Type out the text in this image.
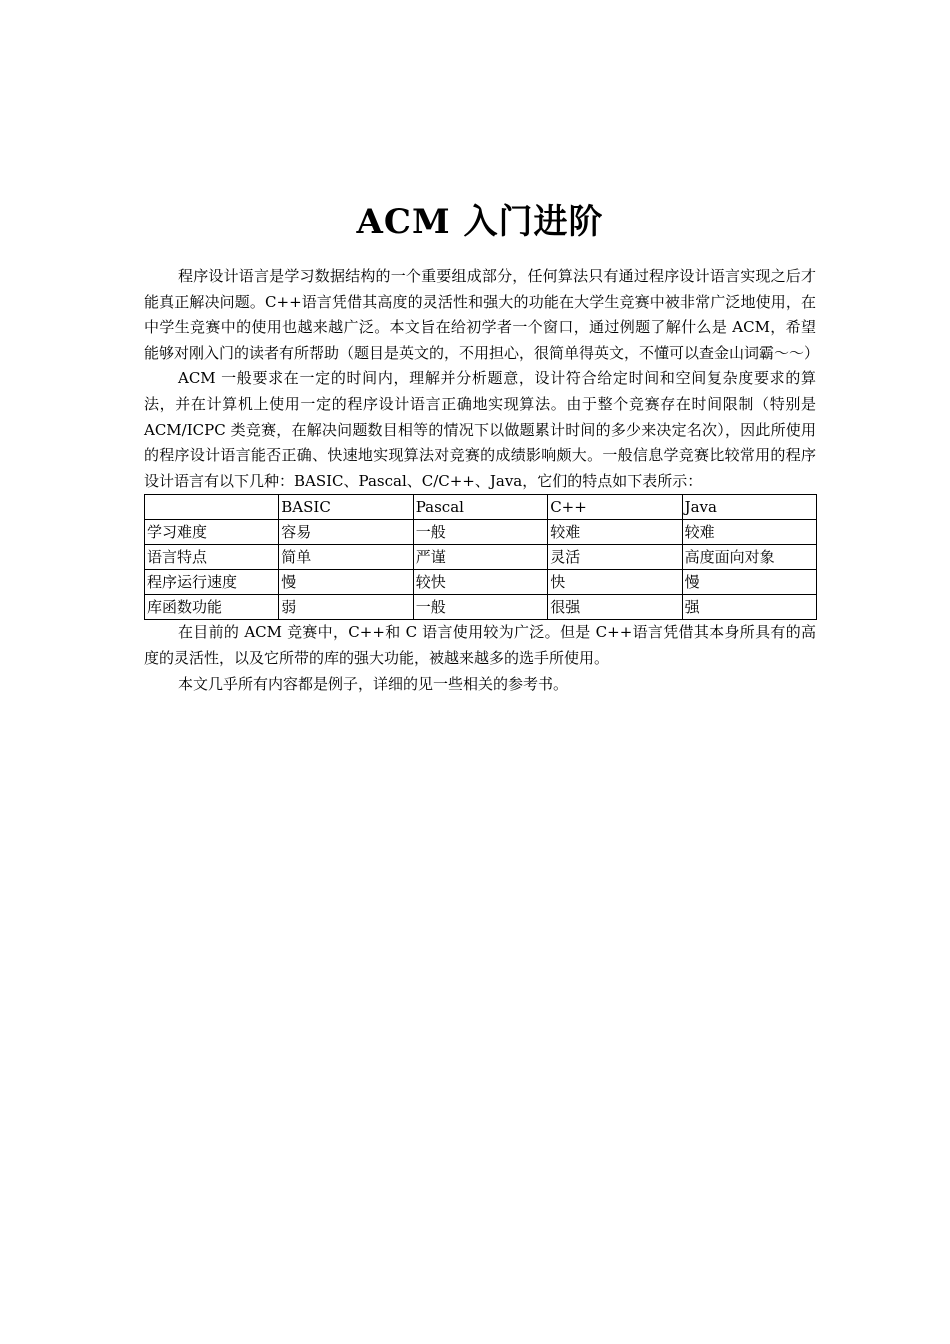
ACM 入门进阶

程序设计语言是学习数据结构的一个重要组成部分，任何算法只有通过程序设计语言实现之后才能真正解决问题。C++语言凭借其高度的灵活性和强大的功能在大学生竞赛中被非常广泛地使用，在中学生竞赛中的使用也越来越广泛。本文旨在给初学者一个窗口，通过例题了解什么是 ACM，希望能够对刚入门的读者有所帮助（题目是英文的，不用担心，很简单得英文，不懂可以查金山词霸～～）

ACM 一般要求在一定的时间内，理解并分析题意，设计符合给定时间和空间复杂度要求的算法，并在计算机上使用一定的程序设计语言正确地实现算法。由于整个竞赛存在时间限制（特别是 ACM/ICPC 类竞赛，在解决问题数目相等的情况下以做题累计时间的多少来决定名次），因此所使用的程序设计语言能否正确、快速地实现算法对竞赛的成绩影响颇大。一般信息学竞赛比较常用的程序设计语言有以下几种：BASIC、Pascal、C/C++、Java，它们的特点如下表所示：

	BASIC	Pascal	C++	Java
学习难度	容易	一般	较难	较难
语言特点	简单	严谨	灵活	高度面向对象
程序运行速度	慢	较快	快	慢
库函数功能	弱	一般	很强	强

在目前的 ACM 竞赛中，C++和 C 语言使用较为广泛。但是 C++语言凭借其本身所具有的高度的灵活性，以及它所带的库的强大功能，被越来越多的选手所使用。

本文几乎所有内容都是例子，详细的见一些相关的参考书。
